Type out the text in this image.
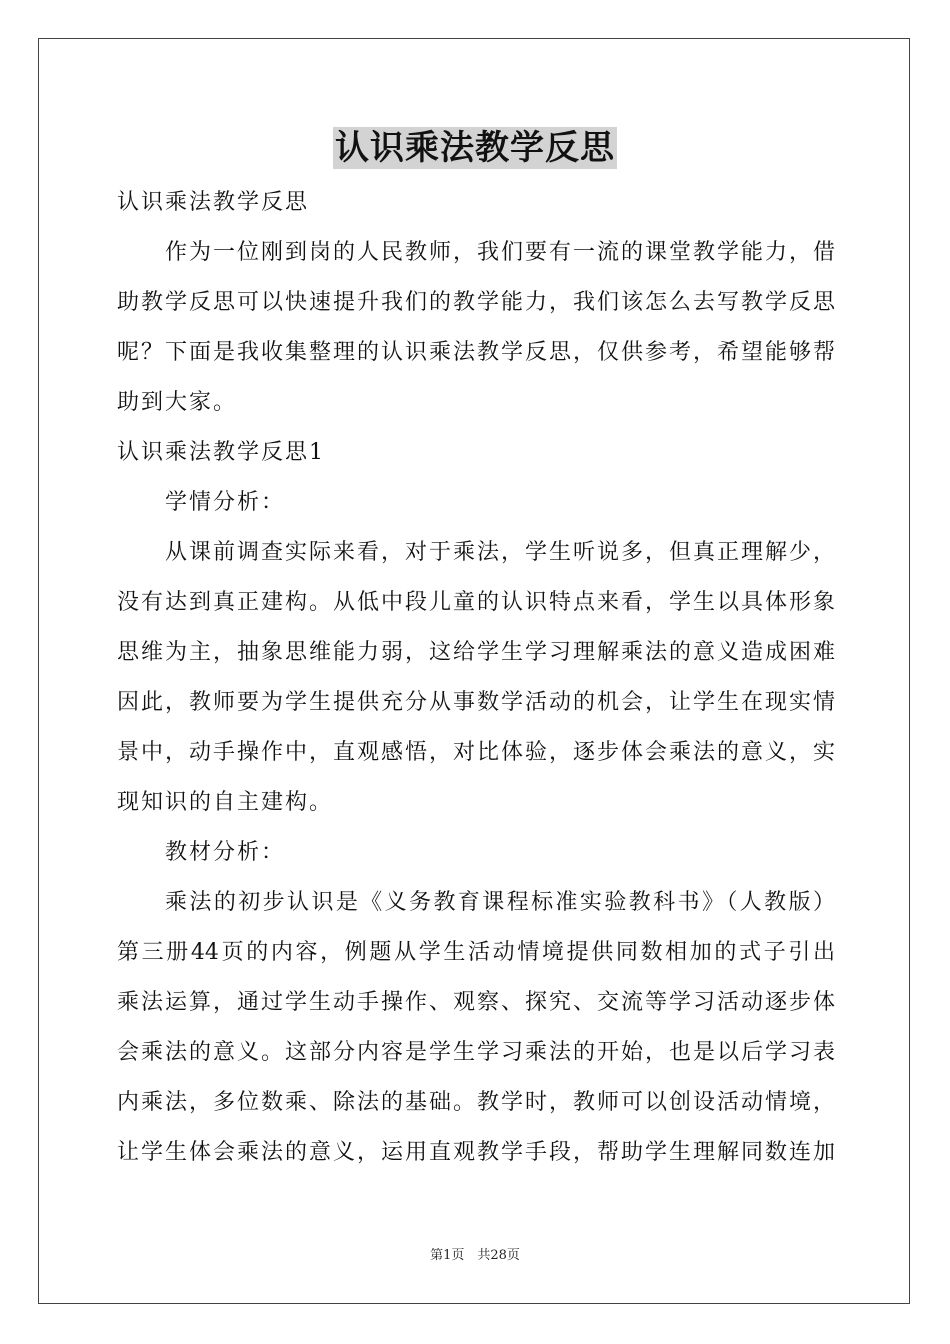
认识乘法教学反思
认识乘法教学反思
作为一位刚到岗的人民教师，我们要有一流的课堂教学能力，借
助教学反思可以快速提升我们的教学能力，我们该怎么去写教学反思
呢？下面是我收集整理的认识乘法教学反思，仅供参考，希望能够帮
助到大家。
认识乘法教学反思1
学情分析：
从课前调查实际来看，对于乘法，学生听说多，但真正理解少，
没有达到真正建构。从低中段儿童的认识特点来看，学生以具体形象
思维为主，抽象思维能力弱，这给学生学习理解乘法的意义造成困难
因此，教师要为学生提供充分从事数学活动的机会，让学生在现实情
景中，动手操作中，直观感悟，对比体验，逐步体会乘法的意义，实
现知识的自主建构。
教材分析：
乘法的初步认识是《义务教育课程标准实验教科书》（人教版）
第三册44页的内容，例题从学生活动情境提供同数相加的式子引出
乘法运算，通过学生动手操作、观察、探究、交流等学习活动逐步体
会乘法的意义。这部分内容是学生学习乘法的开始，也是以后学习表
内乘法，多位数乘、除法的基础。教学时，教师可以创设活动情境，
让学生体会乘法的意义，运用直观教学手段，帮助学生理解同数连加
第1页　共28页
